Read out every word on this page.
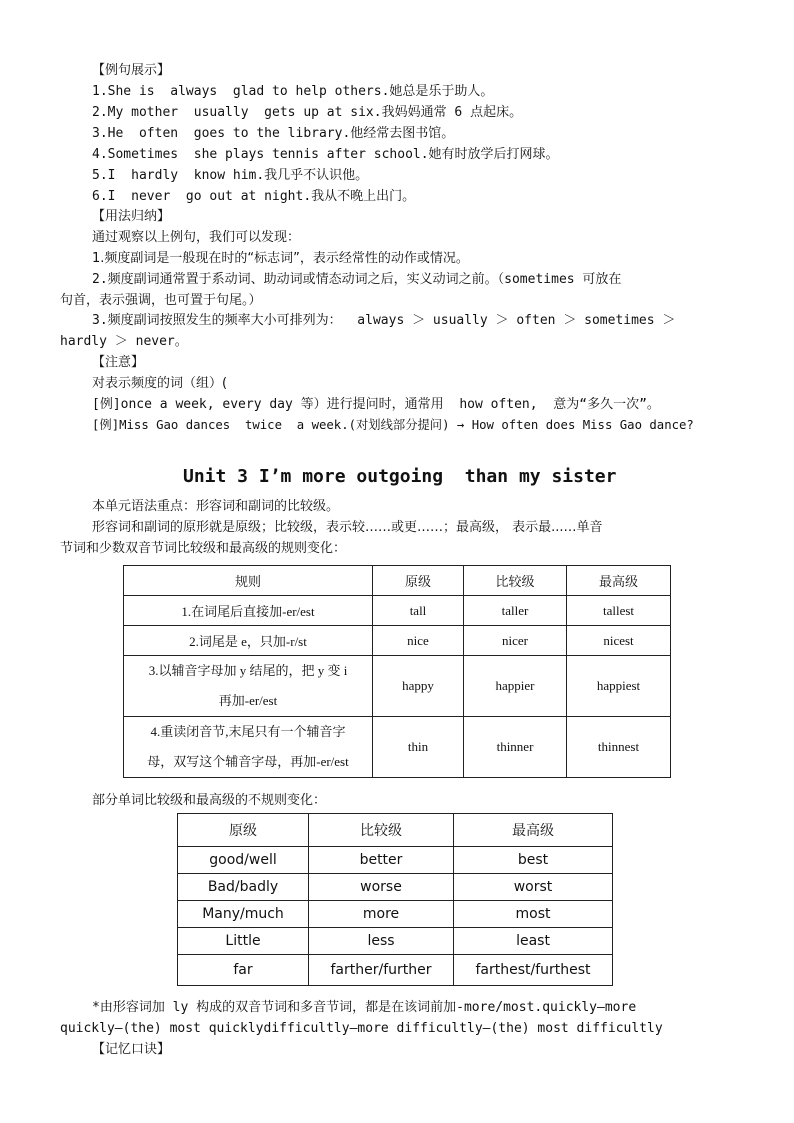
【例句展示】
1.She is  always  glad to help others.她总是乐于助人。
2.My mother  usually  gets up at six.我妈妈通常 6 点起床。
3.He  often  goes to the library.他经常去图书馆。
4.Sometimes  she plays tennis after school.她有时放学后打网球。
5.I  hardly  know him.我几乎不认识他。
6.I  never  go out at night.我从不晚上出门。
【用法归纳】
通过观察以上例句，我们可以发现：
1.频度副词是一般现在时的“标志词”，表示经常性的动作或情况。
2.频度副词通常置于系动词、助动词或情态动词之后，实义动词之前。（sometimes 可放在
句首，表示强调，也可置于句尾。）
3.频度副词按照发生的频率大小可排列为：  always ＞ usually ＞ often ＞ sometimes ＞
hardly ＞ never。
【注意】
对表示频度的词（组）(
[例]once a week, every day 等）进行提问时，通常用  how often,  意为“多久一次”。
[例]Miss Gao dances  twice  a week.(对划线部分提问) → How often does Miss Gao dance?
Unit 3 I’m more outgoing  than my sister
本单元语法重点：形容词和副词的比较级。
形容词和副词的原形就是原级；比较级，表示较……或更……；最高级， 表示最...…单音
节词和少数双音节词比较级和最高级的规则变化：
规则	原级	比较级	最高级
1.在词尾后直接加-er/est	tall	taller	tallest
2.词尾是 e，只加-r/st	nice	nicer	nicest

3.以辅音字母加 y 结尾的，把 y 变 i
再加-er/est	happy	happier	happiest

4.重读闭音节,末尾只有一个辅音字
母，双写这个辅音字母，再加-er/est	thin	thinner	thinnest
部分单词比较级和最高级的不规则变化：
原级	比较级	最高级
good/well	better	best
Bad/badly	worse	worst
Many/much	more	most
Little	less	least
far	farther/further	farthest/furthest
*由形容词加 ly 构成的双音节词和多音节词，都是在该词前加-more/most.quickly—more
quickly—(the) most quicklydifficultly—more difficultly—(the) most difficultly
【记忆口诀】
